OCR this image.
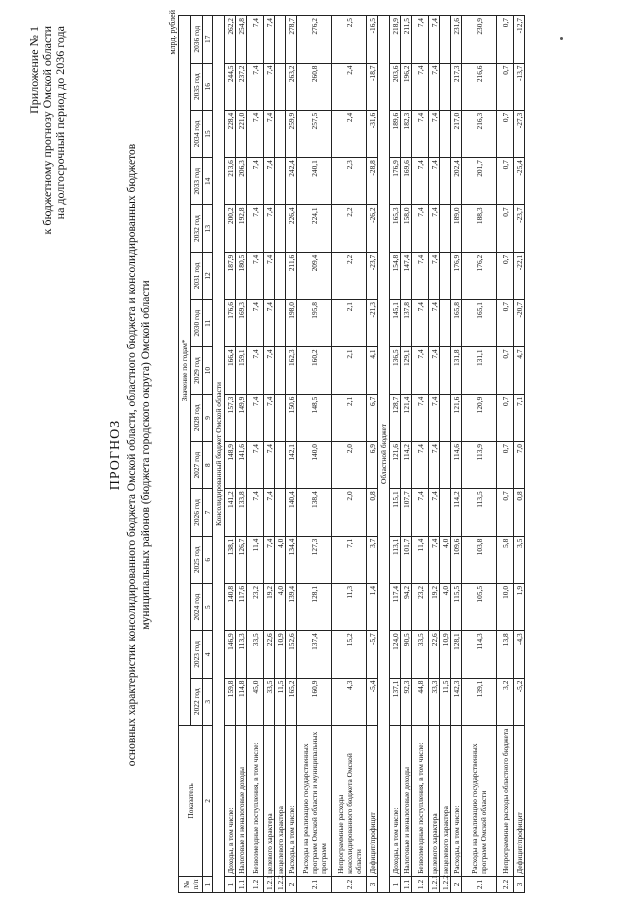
Приложение № 1 к бюджетному прогнозу Омской области на долгосрочный период до 2036 года
ПРОГНОЗ основных характеристик консолидированного бюджета Омской области, областного бюджета и консолидированных бюджетов муниципальных районов (бюджета городского округа) Омской области
млрд. рублей
№ п/п	Показатель	Значение по годам*														
		2022 год	2023 год	2024 год	2025 год	2026 год	2027 год	2028 год	2029 год	2030 год	2031 год	2032 год	2033 год	2034 год	2035 год	2036 год
1	2	3	4	5	6	7	8	9	10	11	12	13	14	15	16	17
Консолидированный бюджет Омской области																
1	Доходы, в том числе:	159,8	146,9	140,8	138,1	141,2	148,9	157,3	166,4	176,6	187,9	200,2	213,6	228,4	244,5	262,2
1.1	Налоговые и неналоговые доходы	114,8	113,3	117,6	126,7	133,8	141,6	149,9	159,1	169,3	180,5	192,8	206,3	221,0	237,2	254,8
1.2	Безвозмездные поступления, в том числе:	45,0	33,5	23,2	11,4	7,4	7,4	7,4	7,4	7,4	7,4	7,4	7,4	7,4	7,4	7,4
1.2.1	целевого характера	33,5	22,6	19,2	7,4	7,4	7,4	7,4	7,4	7,4	7,4	7,4	7,4	7,4	7,4	7,4
1.2.2	нецелевого характера	11,5	10,9	4,0	4,0											
2	Расходы, в том числе:	165,2	152,6	139,4	134,4	140,4	142,1	150,6	162,3	198,0	211,6	226,4	242,4	259,9	263,2	278,7
2.1	Расходы на реализацию государственных программ Омской области и муниципальных программ	160,9	137,4	128,1	127,3	138,4	140,0	148,5	160,2	195,8	209,4	224,1	240,1	257,5	260,8	276,2
2.2	Непрограммные расходы консолидированного бюджета Омской области	4,3	15,2	11,3	7,1	2,0	2,0	2,1	2,1	2,1	2,2	2,2	2,3	2,4	2,4	2,5
3	Дефицит/профицит	-5,4	-5,7	1,4	3,7	0,8	6,9	6,7	4,1	-21,3	-23,7	-26,2	-28,8	-31,6	-18,7	-16,5
Областной бюджет																
1	Доходы, в том числе:	137,1	124,0	117,4	113,1	115,1	121,6	128,7	136,5	145,1	154,8	165,3	176,9	189,6	203,6	218,9
1.1	Налоговые и неналоговые доходы	92,3	90,5	94,2	101,7	107,7	114,2	121,4	129,1	137,8	147,4	158,0	169,6	182,3	196,2	211,5
1.2	Безвозмездные поступления, в том числе:	44,8	33,5	23,2	11,4	7,4	7,4	7,4	7,4	7,4	7,4	7,4	7,4	7,4	7,4	7,4
1.2.1	целевого характера	33,3	22,6	19,2	7,4	7,4	7,4	7,4	7,4	7,4	7,4	7,4	7,4	7,4	7,4	7,4
1.2.2	нецелевого характера	11,5	10,9	4,0	4,0											
2	Расходы, в том числе:	142,3	128,1	115,5	109,6	114,2	114,6	121,6	131,8	165,8	176,9	189,0	202,4	217,0	217,3	231,6
2.1	Расходы на реализацию государственных программ Омской области	139,1	114,3	105,5	103,8	113,5	113,9	120,9	131,1	165,1	176,2	188,3	201,7	216,3	216,6	230,9
2.2	Непрограммные расходы областного бюджета	3,2	13,8	10,0	5,8	0,7	0,7	0,7	0,7	0,7	0,7	0,7	0,7	0,7	0,7	0,7
3	Дефицит/профицит	-5,2	-4,3	1,9	3,5	0,8	7,0	7,1	4,7	-20,7	-22,1	-23,7	-25,4	-27,3	-13,7	-12,7
